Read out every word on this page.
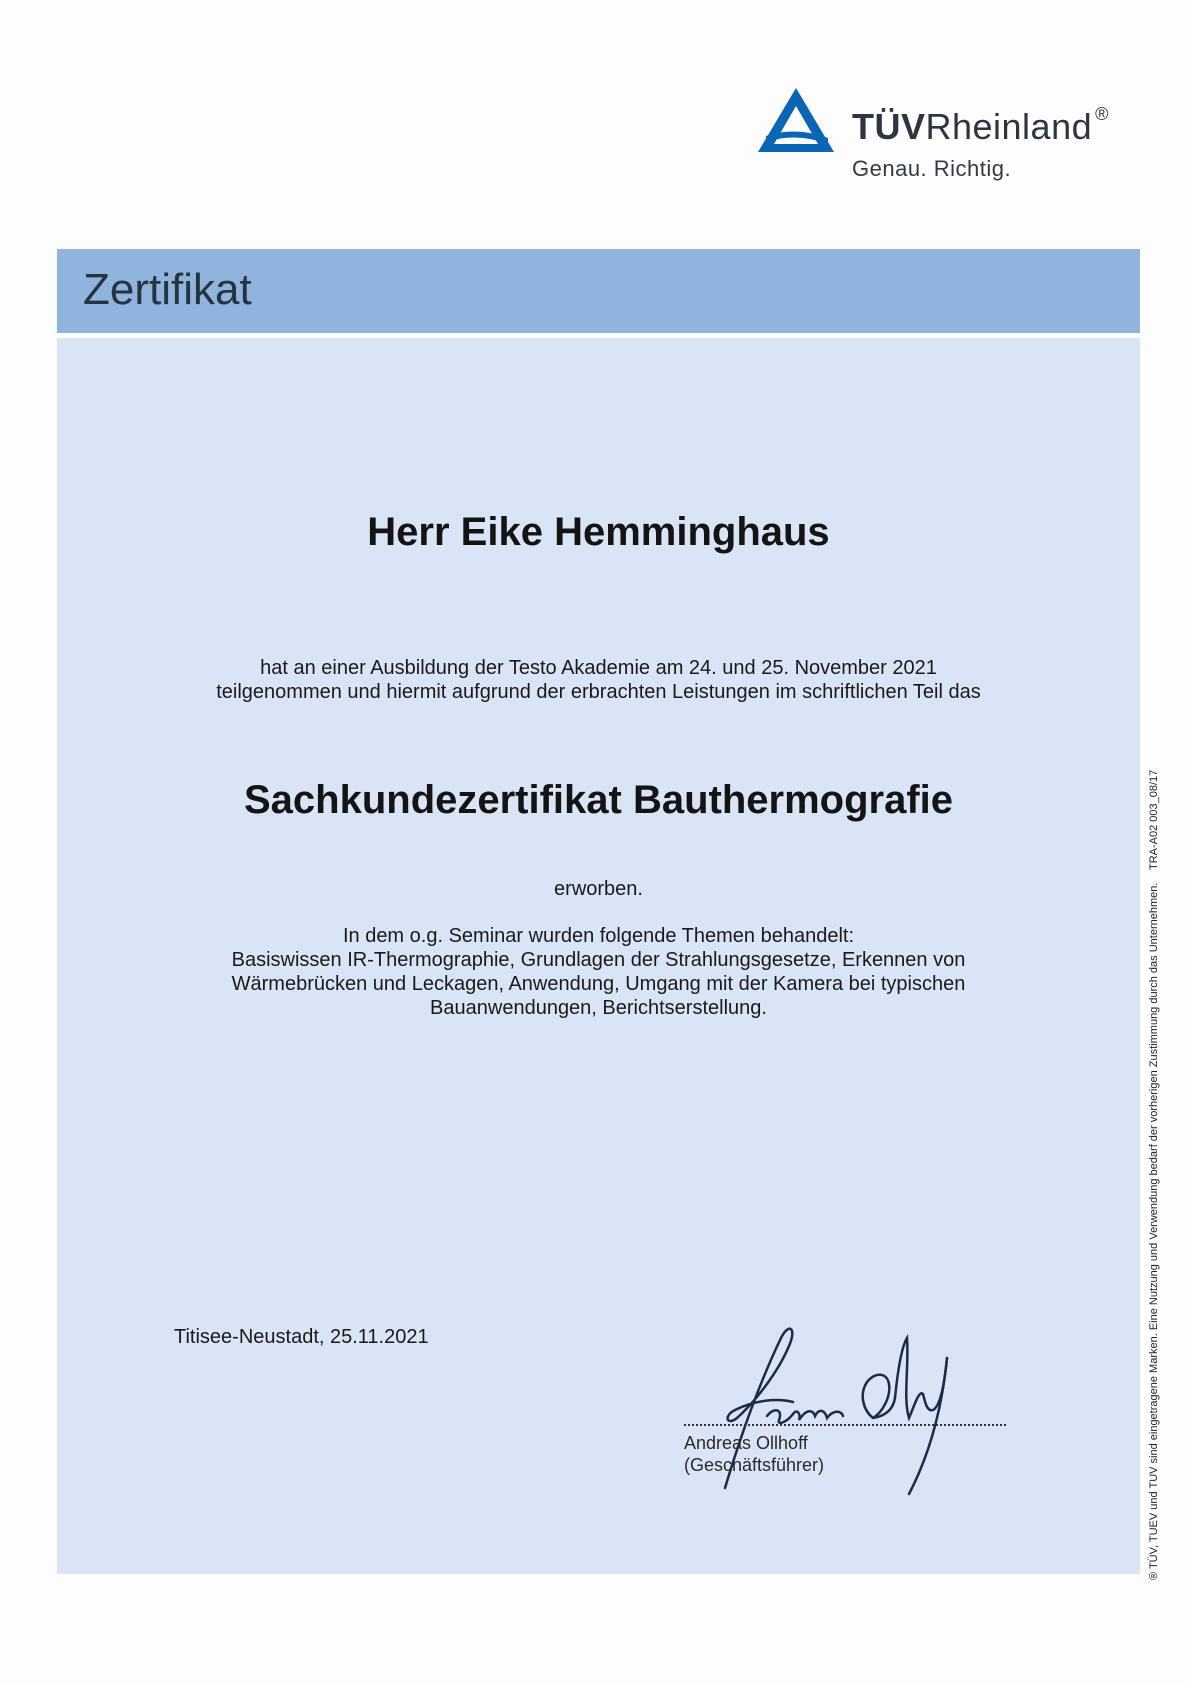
TÜVRheinland ®
Genau. Richtig.
Zertifikat
Herr Eike Hemminghaus
hat an einer Ausbildung der Testo Akademie am 24. und 25. November 2021
teilgenommen und hiermit aufgrund der erbrachten Leistungen im schriftlichen Teil das
Sachkundezertifikat Bauthermografie
erworben.
In dem o.g. Seminar wurden folgende Themen behandelt:
Basiswissen IR-Thermographie, Grundlagen der Strahlungsgesetze, Erkennen von
Wärmebrücken und Leckagen, Anwendung, Umgang mit der Kamera bei typischen
Bauanwendungen, Berichtserstellung.
Titisee-Neustadt, 25.11.2021
Andreas Ollhoff
(Geschäftsführer)
TRA-A02 003_08/17
® TÜV, TUEV und TUV sind eingetragene Marken. Eine Nutzung und Verwendung bedarf der vorherigen Zustimmung durch das Unternehmen.
